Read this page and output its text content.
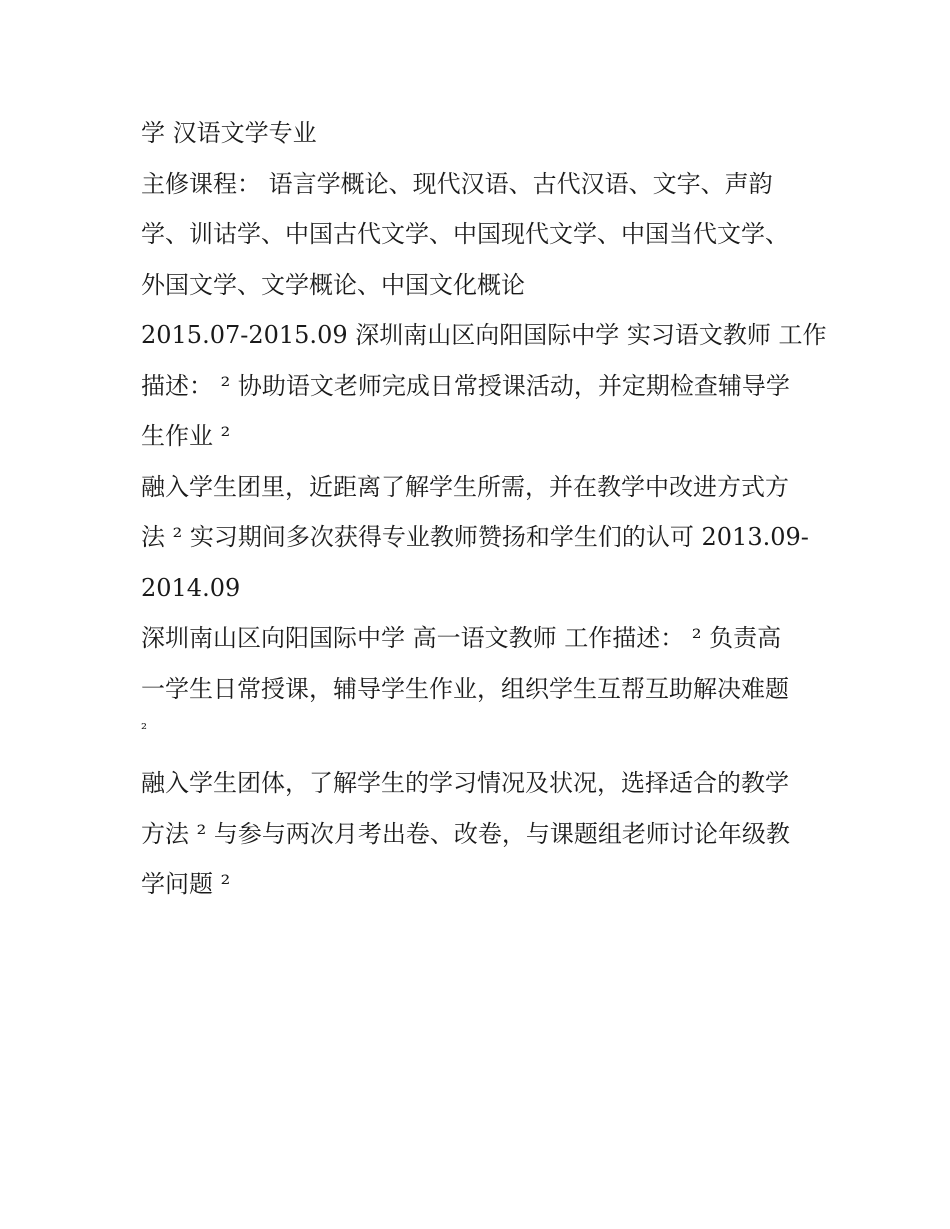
学 汉语文学专业
主修课程： 语言学概论、现代汉语、古代汉语、文字、声韵
学、训诂学、中国古代文学、中国现代文学、中国当代文学、
外国文学、文学概论、中国文化概论
2015.07-2015.09 深圳南山区向阳国际中学 实习语文教师 工作
描述： ² 协助语文老师完成日常授课活动，并定期检查辅导学
生作业 ²
融入学生团里，近距离了解学生所需，并在教学中改进方式方
法 ² 实习期间多次获得专业教师赞扬和学生们的认可 2013.09-
2014.09
深圳南山区向阳国际中学 高一语文教师 工作描述： ² 负责高
一学生日常授课，辅导学生作业，组织学生互帮互助解决难题
$^{^2}$
融入学生团体，了解学生的学习情况及状况，选择适合的教学
方法 ² 与参与两次月考出卷、改卷，与课题组老师讨论年级教
学问题 ²
